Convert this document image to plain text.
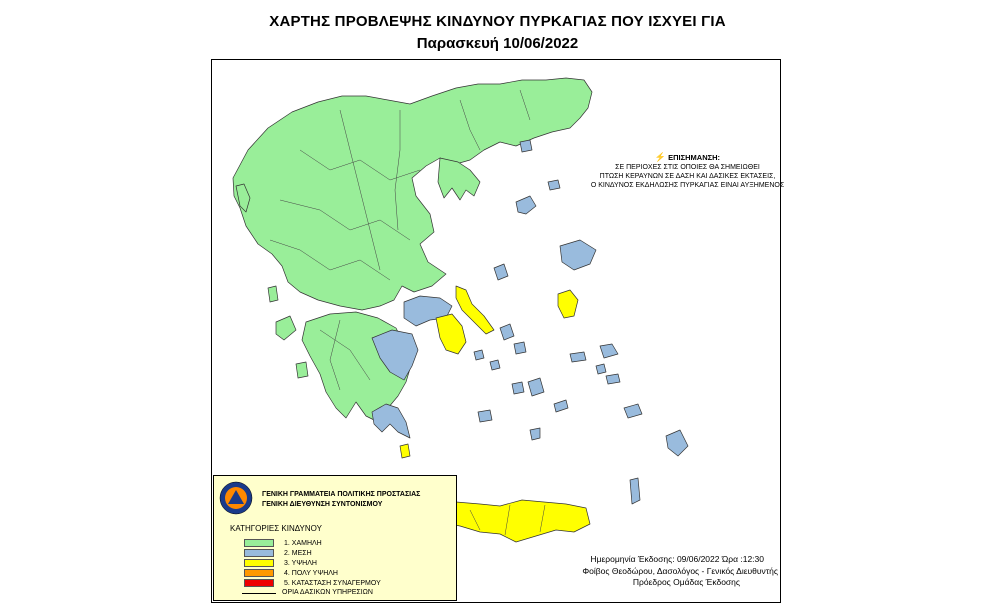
ΧΑΡΤΗΣ ΠΡΟΒΛΕΨΗΣ ΚΙΝΔΥΝΟΥ ΠΥΡΚΑΓΙΑΣ ΠΟΥ ΙΣΧΥΕΙ ΓΙΑ
Παρασκευή 10/06/2022
⚡ ΕΠΙΣΗΜΑΝΣΗ:
ΣΕ ΠΕΡΙΟΧΕΣ ΣΤΙΣ ΟΠΟΙΕΣ ΘΑ ΣΗΜΕΙΩΘΕΙ
ΠΤΩΣΗ ΚΕΡΑΥΝΩΝ ΣΕ ΔΑΣΗ ΚΑΙ ΔΑΣΙΚΕΣ ΕΚΤΑΣΕΙΣ,
Ο ΚΙΝΔΥΝΟΣ ΕΚΔΗΛΩΣΗΣ ΠΥΡΚΑΓΙΑΣ ΕΙΝΑΙ ΑΥΞΗΜΕΝΟΣ
ΓΕΝΙΚΗ ΓΡΑΜΜΑΤΕΙΑ ΠΟΛΙΤΙΚΗΣ ΠΡΟΣΤΑΣΙΑΣ
ΓΕΝΙΚΗ ΔΙΕΥΘΥΝΣΗ ΣΥΝΤΟΝΙΣΜΟΥ
ΚΑΤΗΓΟΡΙΕΣ ΚΙΝΔΥΝΟΥ
1. ΧΑΜΗΛΗ
2. ΜΕΣΗ
3. ΥΨΗΛΗ
4. ΠΟΛΥ ΥΨΗΛΗ
5. ΚΑΤΑΣΤΑΣΗ ΣΥΝΑΓΕΡΜΟΥ
ΟΡΙΑ ΔΑΣΙΚΩΝ ΥΠΗΡΕΣΙΩΝ
Ημερομηνία Έκδοσης: 09/06/2022 Ώρα :12:30
Φοίβος Θεοδώρου, Δασολόγος - Γενικός Διευθυντής
Πρόεδρος Ομάδας Έκδοσης
